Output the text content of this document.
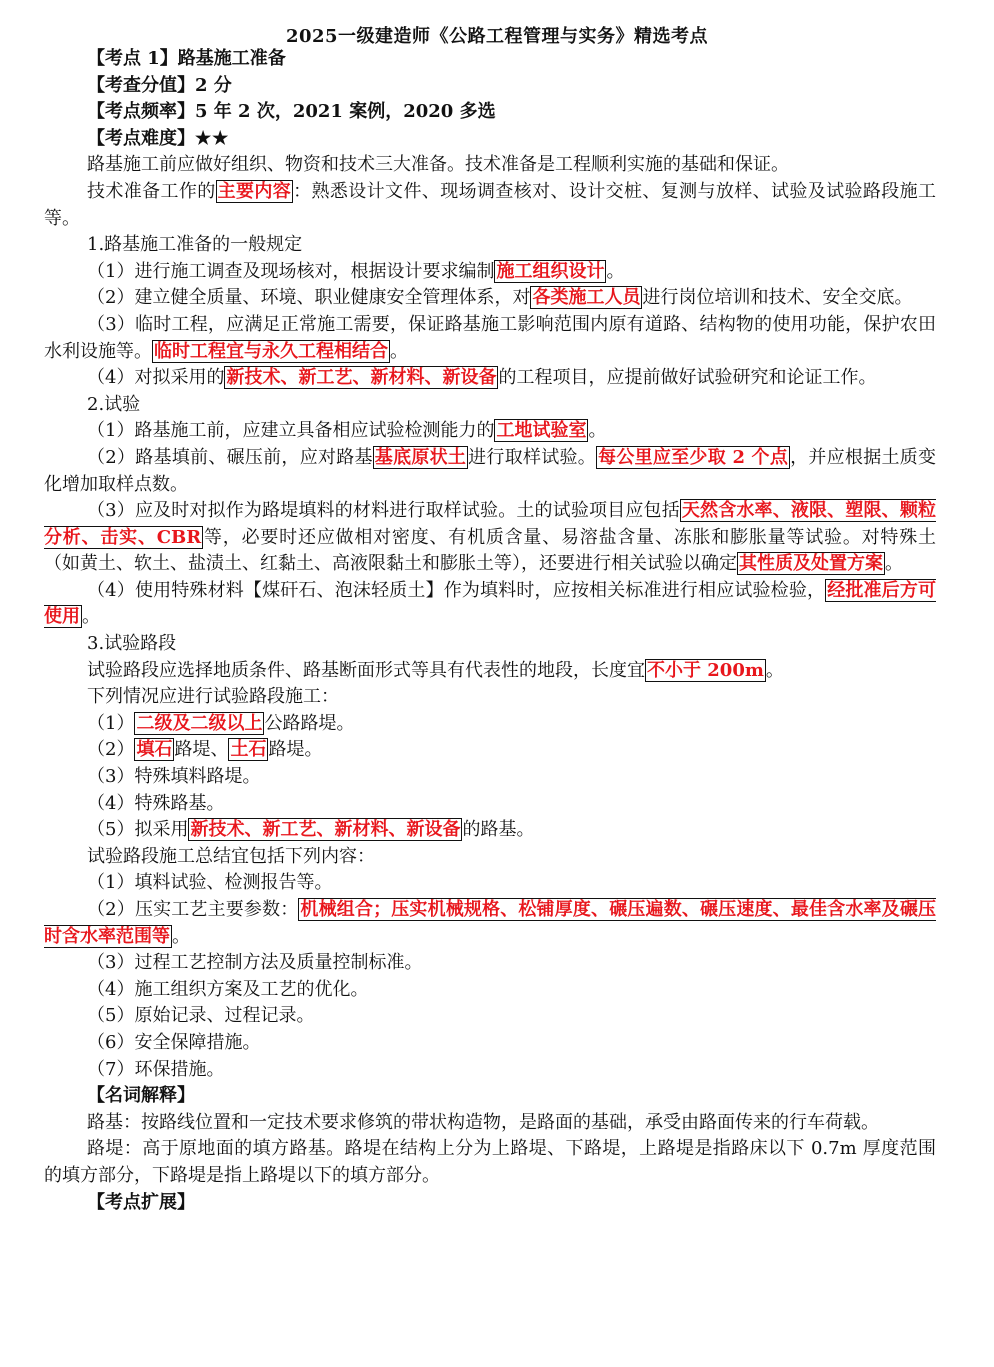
2025一级建造师《公路工程管理与实务》精选考点
【考点 1】路基施工准备
【考查分值】2 分
【考点频率】5 年 2 次，2021 案例，2020 多选
【考点难度】★★
路基施工前应做好组织、物资和技术三大准备。技术准备是工程顺利实施的基础和保证。
技术准备工作的 主要内容 ：熟悉设计文件、现场调查核对、设计交桩、复测与放样、试验及试验路段施工等。
1.路基施工准备的一般规定
（1）进行施工调查及现场核对，根据设计要求编制 施工组织设计 。
（2）建立健全质量、环境、职业健康安全管理体系，对 各类施工人员 进行岗位培训和技术、安全交底。
（3）临时工程，应满足正常施工需要，保证路基施工影响范围内原有道路、结构物的使用功能，保护农田水利设施等。 临时工程宜与永久工程相结合 。
（4）对拟采用的 新技术、新工艺、新材料、新设备 的工程项目，应提前做好试验研究和论证工作。
2.试验
（1）路基施工前，应建立具备相应试验检测能力的 工地试验室 。
（2）路基填前、碾压前，应对路基 基底原状土 进行取样试验。 每公里应至少取 2 个点 ，并应根据土质变化增加取样点数。
（3）应及时对拟作为路堤填料的材料进行取样试验。土的试验项目应包括 天然含水率、液限、塑限、颗粒分析、击实、CBR 等，必要时还应做相对密度、有机质含量、易溶盐含量、冻胀和膨胀量等试验。对特殊土（如黄土、软土、盐渍土、红黏土、高液限黏土和膨胀土等），还要进行相关试验以确定 其性质及处置方案 。
（4）使用特殊材料【煤矸石、泡沫轻质土】作为填料时，应按相关标准进行相应试验检验， 经批准后方可使用 。
3.试验路段
试验路段应选择地质条件、路基断面形式等具有代表性的地段，长度宜 不小于 200m 。
下列情况应进行试验路段施工：
（1） 二级及二级以上 公路路堤。
（2） 填石 路堤、 土石 路堤。
（3）特殊填料路堤。
（4）特殊路基。
（5）拟采用 新技术、新工艺、新材料、新设备 的路基。
试验路段施工总结宜包括下列内容：
（1）填料试验、检测报告等。
（2）压实工艺主要参数： 机械组合；压实机械规格、松铺厚度、碾压遍数、碾压速度、最佳含水率及碾压时含水率范围等 。
（3）过程工艺控制方法及质量控制标准。
（4）施工组织方案及工艺的优化。
（5）原始记录、过程记录。
（6）安全保障措施。
（7）环保措施。
【名词解释】
路基：按路线位置和一定技术要求修筑的带状构造物，是路面的基础，承受由路面传来的行车荷载。
路堤：高于原地面的填方路基。路堤在结构上分为上路堤、下路堤，上路堤是指路床以下 0.7m 厚度范围的填方部分，下路堤是指上路堤以下的填方部分。
【考点扩展】
